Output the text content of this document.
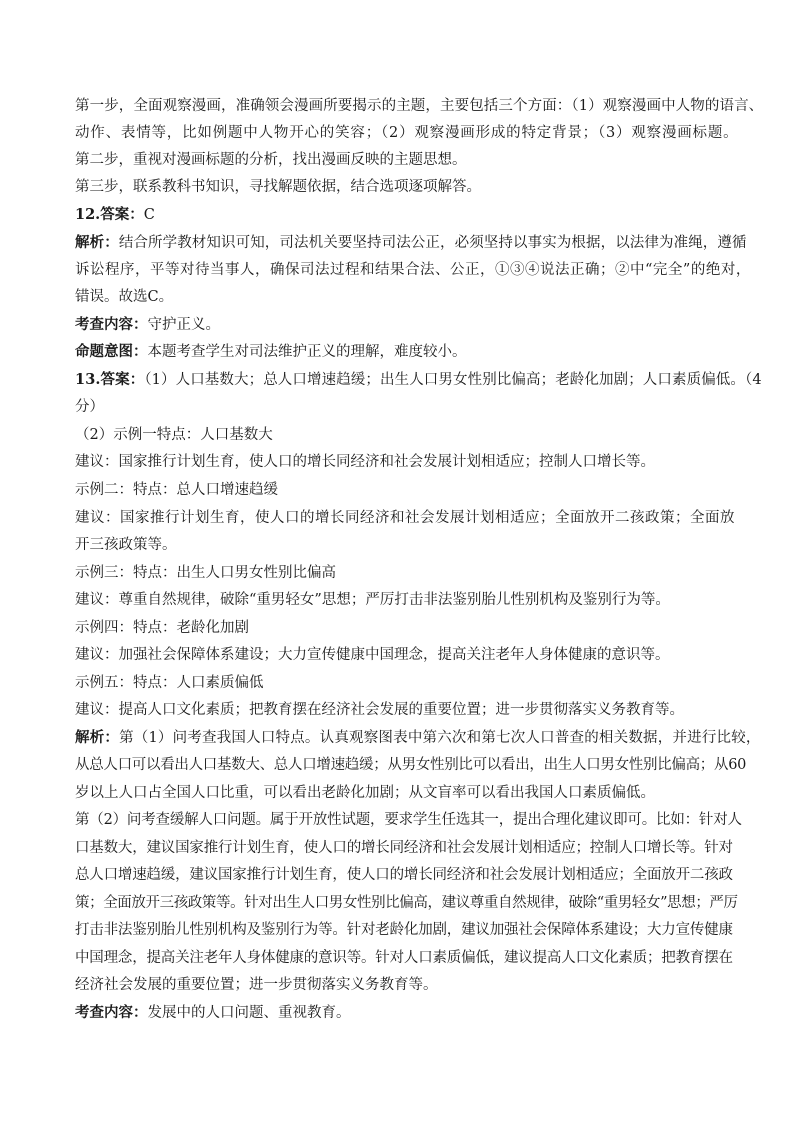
第一步，全面观察漫画，准确领会漫画所要揭示的主题，主要包括三个方面：（1）观察漫画中人物的语言、
动作、表情等，比如例题中人物开心的笑容；（2）观察漫画形成的特定背景；（3）观察漫画标题。
第二步，重视对漫画标题的分析，找出漫画反映的主题思想。
第三步，联系教科书知识，寻找解题依据，结合选项逐项解答。
12.答案：C
解析：结合所学教材知识可知，司法机关要坚持司法公正，必须坚持以事实为根据，以法律为准绳，遵循
诉讼程序，平等对待当事人，确保司法过程和结果合法、公正，①③④说法正确；②中“完全”的绝对，
错误。故选C。
考查内容：守护正义。
命题意图：本题考查学生对司法维护正义的理解，难度较小。
13.答案：（1）人口基数大；总人口增速趋缓；出生人口男女性别比偏高；老龄化加剧；人口素质偏低。（4
分）
（2）示例一特点：人口基数大
建议：国家推行计划生育，使人口的增长同经济和社会发展计划相适应；控制人口增长等。
示例二：特点：总人口增速趋缓
建议：国家推行计划生育，使人口的增长同经济和社会发展计划相适应；全面放开二孩政策；全面放
开三孩政策等。
示例三：特点：出生人口男女性别比偏高
建议：尊重自然规律，破除“重男轻女”思想；严厉打击非法鉴别胎儿性别机构及鉴别行为等。
示例四：特点：老龄化加剧
建议：加强社会保障体系建设；大力宣传健康中国理念，提高关注老年人身体健康的意识等。
示例五：特点：人口素质偏低
建议：提高人口文化素质；把教育摆在经济社会发展的重要位置；进一步贯彻落实义务教育等。
解析：第（1）问考查我国人口特点。认真观察图表中第六次和第七次人口普查的相关数据，并进行比较，
从总人口可以看出人口基数大、总人口增速趋缓；从男女性别比可以看出，出生人口男女性别比偏高；从60
岁以上人口占全国人口比重，可以看出老龄化加剧；从文盲率可以看出我国人口素质偏低。
第（2）问考查缓解人口问题。属于开放性试题，要求学生任选其一，提出合理化建议即可。比如：针对人
口基数大，建议国家推行计划生育，使人口的增长同经济和社会发展计划相适应；控制人口增长等。针对
总人口增速趋缓，建议国家推行计划生育，使人口的增长同经济和社会发展计划相适应；全面放开二孩政
策；全面放开三孩政策等。针对出生人口男女性别比偏高，建议尊重自然规律，破除“重男轻女”思想；严厉
打击非法鉴别胎儿性别机构及鉴别行为等。针对老龄化加剧，建议加强社会保障体系建设；大力宣传健康
中国理念，提高关注老年人身体健康的意识等。针对人口素质偏低，建议提高人口文化素质；把教育摆在
经济社会发展的重要位置；进一步贯彻落实义务教育等。
考查内容：发展中的人口问题、重视教育。
